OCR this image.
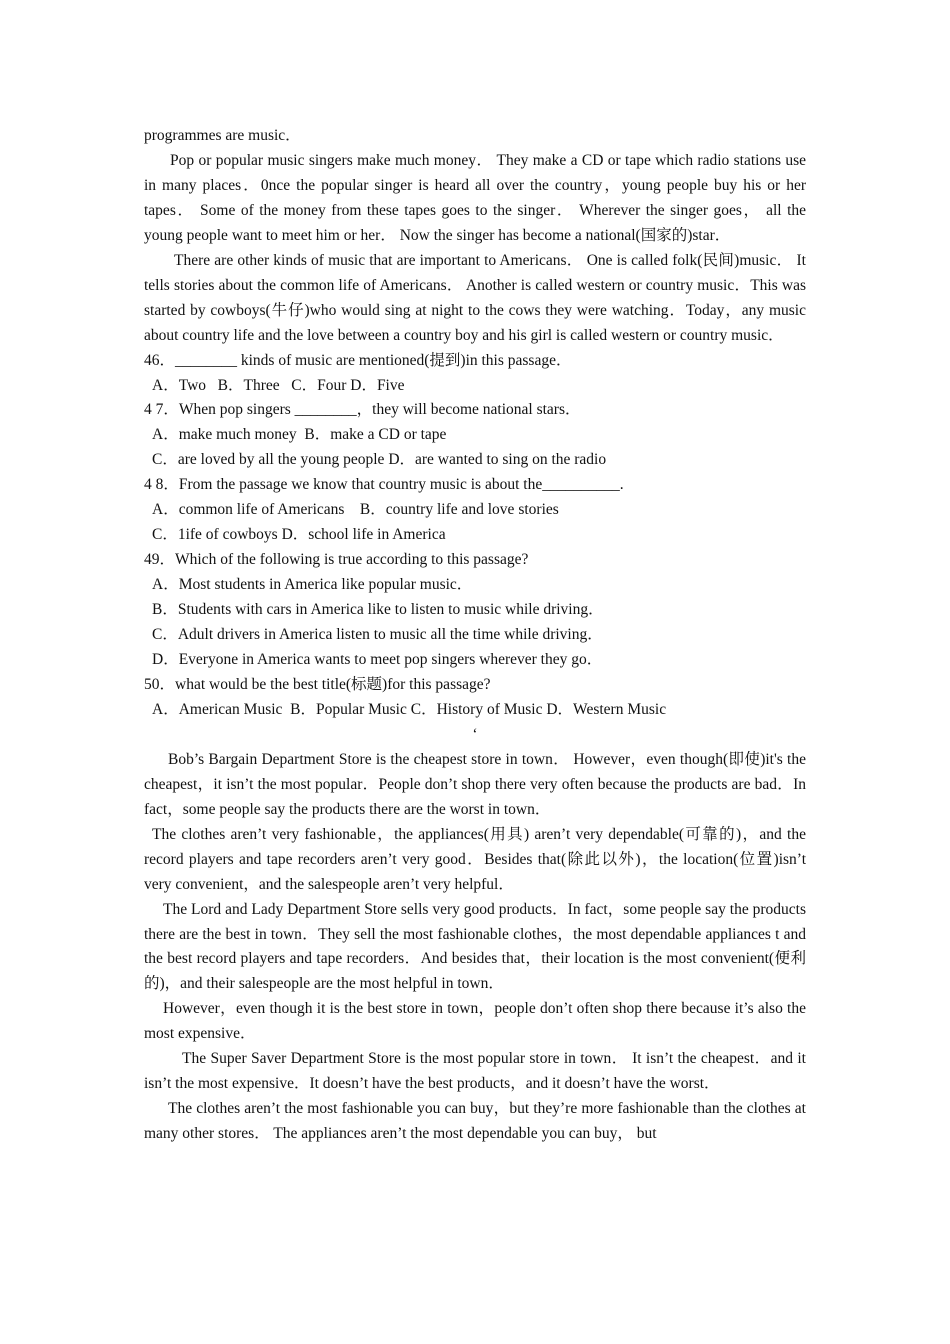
programmes are music．

Pop or popular music singers make much money． They make a CD or tape which radio stations use in many places．0nce the popular singer is heard all over the country，young people buy his or her tapes． Some of the money from these tapes goes to the singer． Wherever the singer goes， all the young people want to meet him or her． Now the singer has become a national(国家的)star．

There are other kinds of music that are important to Americans． One is called folk(民间)music． It tells stories about the common life of Americans． Another is called western or country music．This was started by cowboys(牛仔)who would sing at night to the cows they were watching．Today，any music about country life and the love between a country boy and his girl is called western or country music．

46．________ kinds of music are mentioned(提到)in this passage．

A．Two   B．Three   C．Four D．Five

4 7．When pop singers ________，they will become national stars．

A．make much money  B．make a CD or tape

C．are loved by all the young people D．are wanted to sing on the radio

4 8．From the passage we know that country music is about the__________.

A．common life of Americans    B．country life and love stories

C．1ife of cowboys D．school life in America

49．Which of the following is true according to this passage?

A．Most students in America like popular music．

B．Students with cars in America like to listen to music while driving．

C．Adult drivers in America listen to music all the time while driving．

D．Everyone in America wants to meet pop singers wherever they go．

50．what would be the best title(标题)for this passage?

A．American Music  B．Popular Music C．History of Music D．Western Music

‘

Bob’s Bargain Department Store is the cheapest store in town． However，even though(即使)it's the cheapest，it isn’t the most popular．People don’t shop there very often because the products are bad．In fact，some people say the products there are the worst in town．

The clothes aren’t very fashionable，the appliances(用具) aren’t very dependable(可靠的)，and the record players and tape recorders aren’t very good．Besides that(除此以外)，the location(位置)isn’t very convenient，and the salespeople aren’t very helpful．

The Lord and Lady Department Store sells very good products．In fact，some people say the products there are the best in town．They sell the most fashionable clothes，the most dependable appliances t and the best record players and tape recorders．And besides that，their location is the most convenient(便利的)，and their salespeople are the most helpful in town．

However，even though it is the best store in town，people don’t often shop there because it’s also the most expensive．

The Super Saver Department Store is the most popular store in town． It isn’t the cheapest．and it isn’t the most expensive．It doesn’t have the best products，and it doesn’t have the worst．

The clothes aren’t the most fashionable you can buy，but they’re more fashionable than the clothes at many other stores． The appliances aren’t the most dependable you can buy， but
